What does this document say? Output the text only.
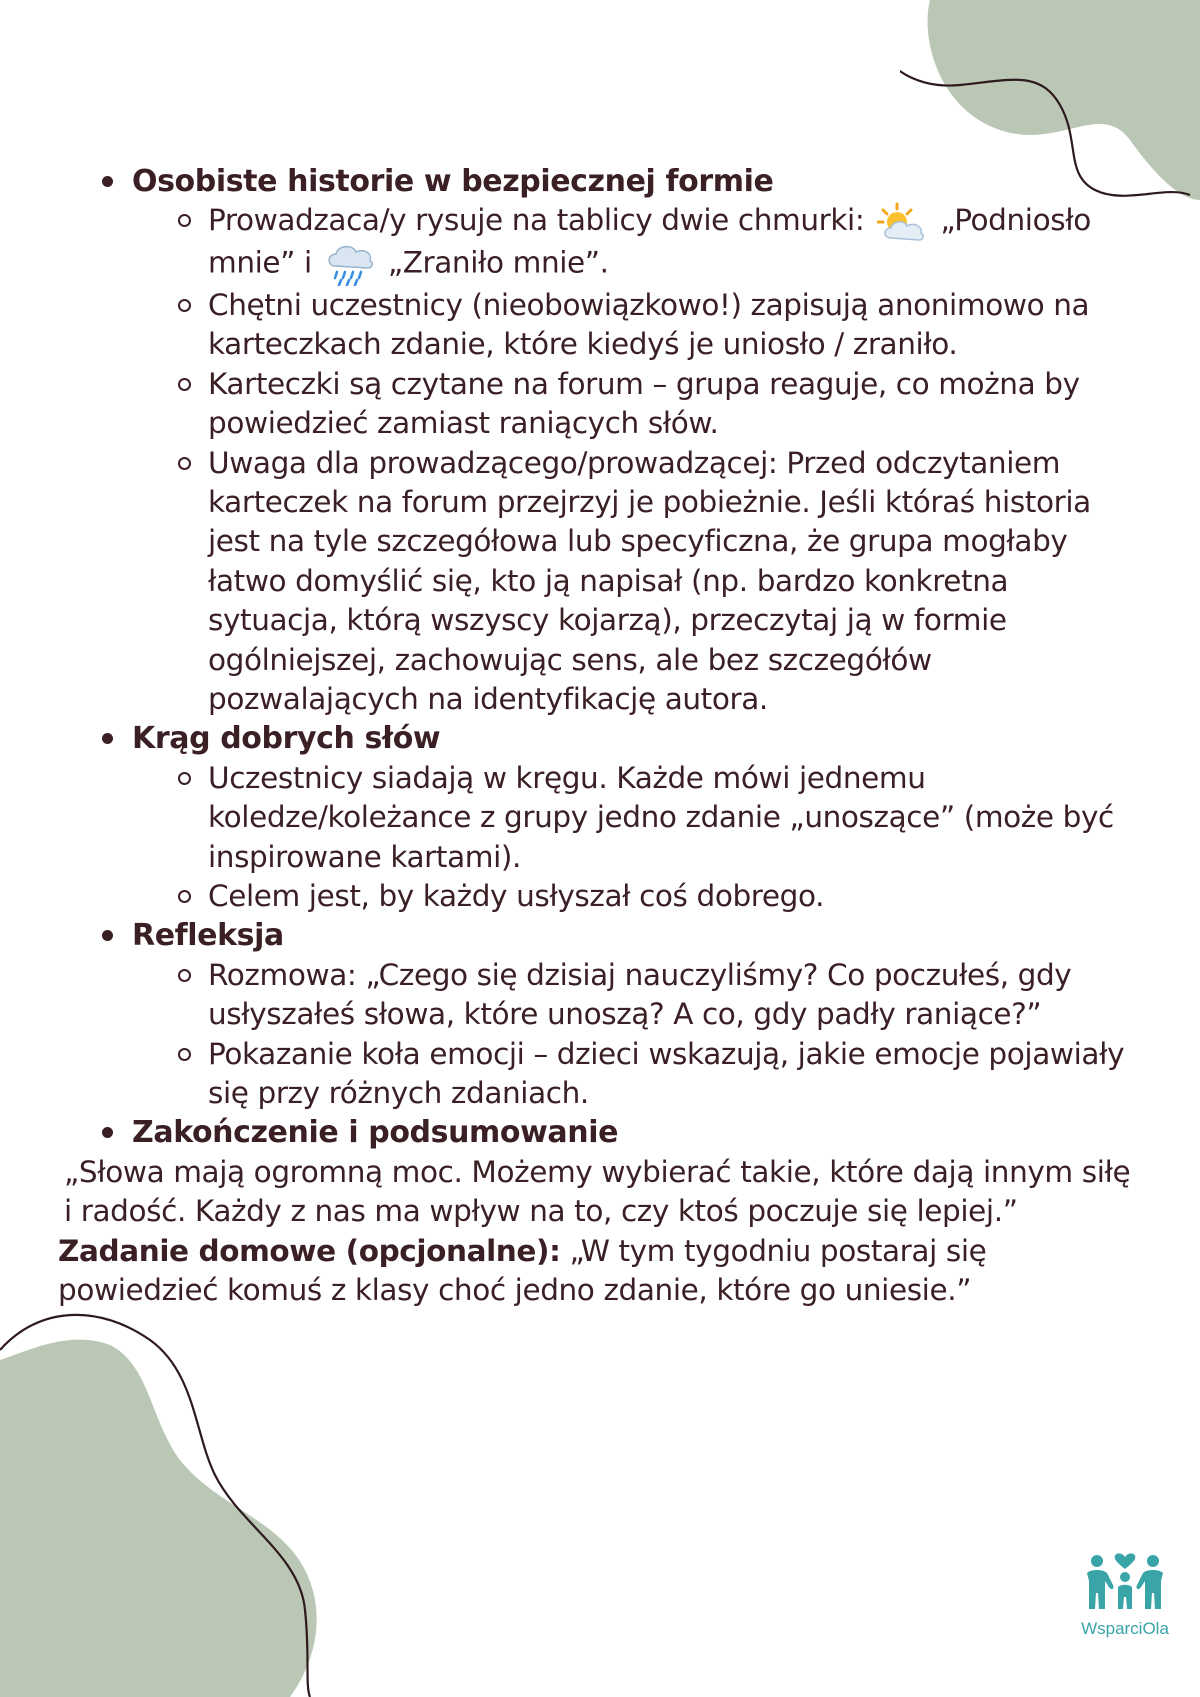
Osobiste historie w bezpiecznej formie
Prowadzaca/y rysuje na tablicy dwie chmurki:	„Podniosło mnie” i	„Zraniło mnie”.
Chętni uczestnicy (nieobowiązkowo!) zapisują anonimowo na karteczkach zdanie, które kiedyś je uniosło / zraniło.
Karteczki są czytane na forum – grupa reaguje, co można by powiedzieć zamiast raniących słów.
Uwaga dla prowadzącego/prowadzącej: Przed odczytaniem karteczek na forum przejrzyj je pobieżnie. Jeśli któraś historia jest na tyle szczegółowa lub specyficzna, że grupa mogłaby łatwo domyślić się, kto ją napisał (np. bardzo konkretna sytuacja, którą wszyscy kojarzą), przeczytaj ją w formie ogólniejszej, zachowując sens, ale bez szczegółów pozwalających na identyfikację autora.
Krąg dobrych słów
Uczestnicy siadają w kręgu. Każde mówi jednemu koledze/koleżance z grupy jedno zdanie „unoszące” (może być inspirowane kartami).
Celem jest, by każdy usłyszał coś dobrego.
Refleksja
Rozmowa: „Czego się dzisiaj nauczyliśmy? Co poczułeś, gdy usłyszałeś słowa, które unoszą? A co, gdy padły raniące?”
Pokazanie koła emocji – dzieci wskazują, jakie emocje pojawiały się przy różnych zdaniach.
Zakończenie i podsumowanie
„Słowa mają ogromną moc. Możemy wybierać takie, które dają innym siłę i radość. Każdy z nas ma wpływ na to, czy ktoś poczuje się lepiej.”
Zadanie domowe (opcjonalne): „W tym tygodniu postaraj się powiedzieć komuś z klasy choć jedno zdanie, które go uniesie.”
WsparciOla
